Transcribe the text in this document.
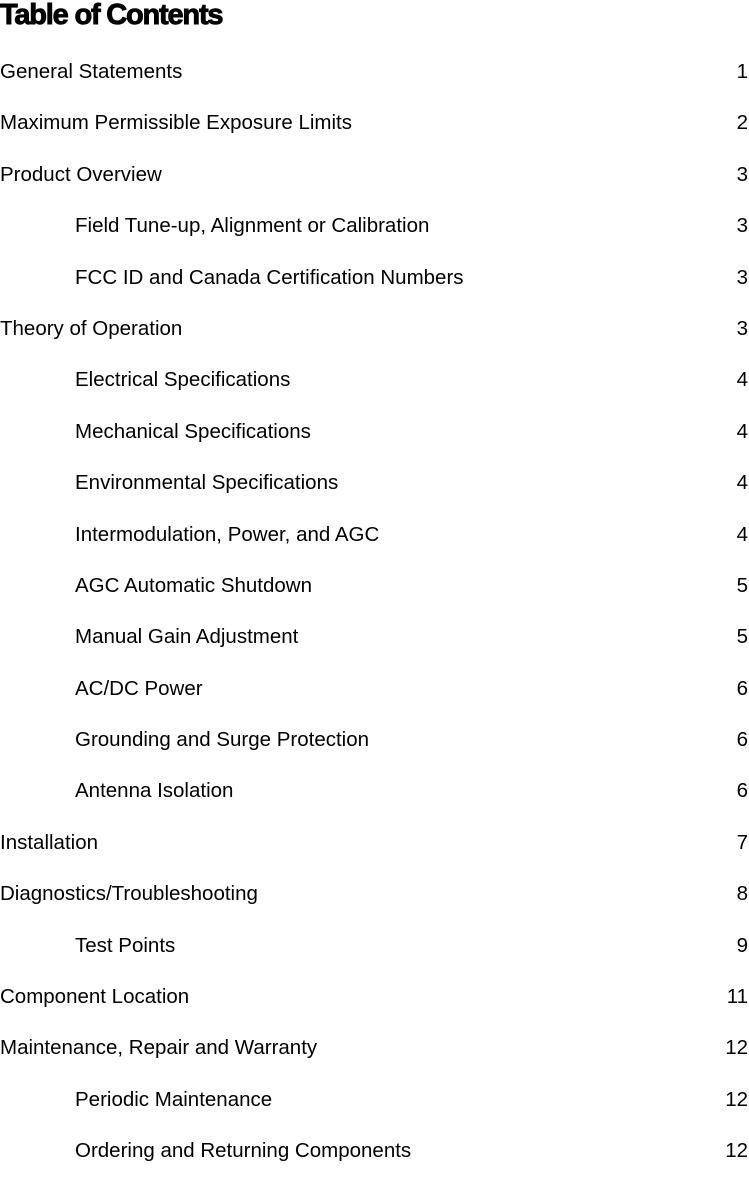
Table of Contents
General Statements	1
Maximum Permissible Exposure Limits	2
Product Overview	3
Field Tune-up, Alignment or Calibration	3
FCC ID and Canada Certification Numbers	3
Theory of Operation	3
Electrical Specifications	4
Mechanical Specifications	4
Environmental Specifications	4
Intermodulation, Power, and AGC	4
AGC Automatic Shutdown	5
Manual Gain Adjustment	5
AC/DC Power	6
Grounding and Surge Protection	6
Antenna Isolation	6
Installation	7
Diagnostics/Troubleshooting	8
Test Points	9
Component Location	11
Maintenance, Repair and Warranty	12
Periodic Maintenance	12
Ordering and Returning Components	12
